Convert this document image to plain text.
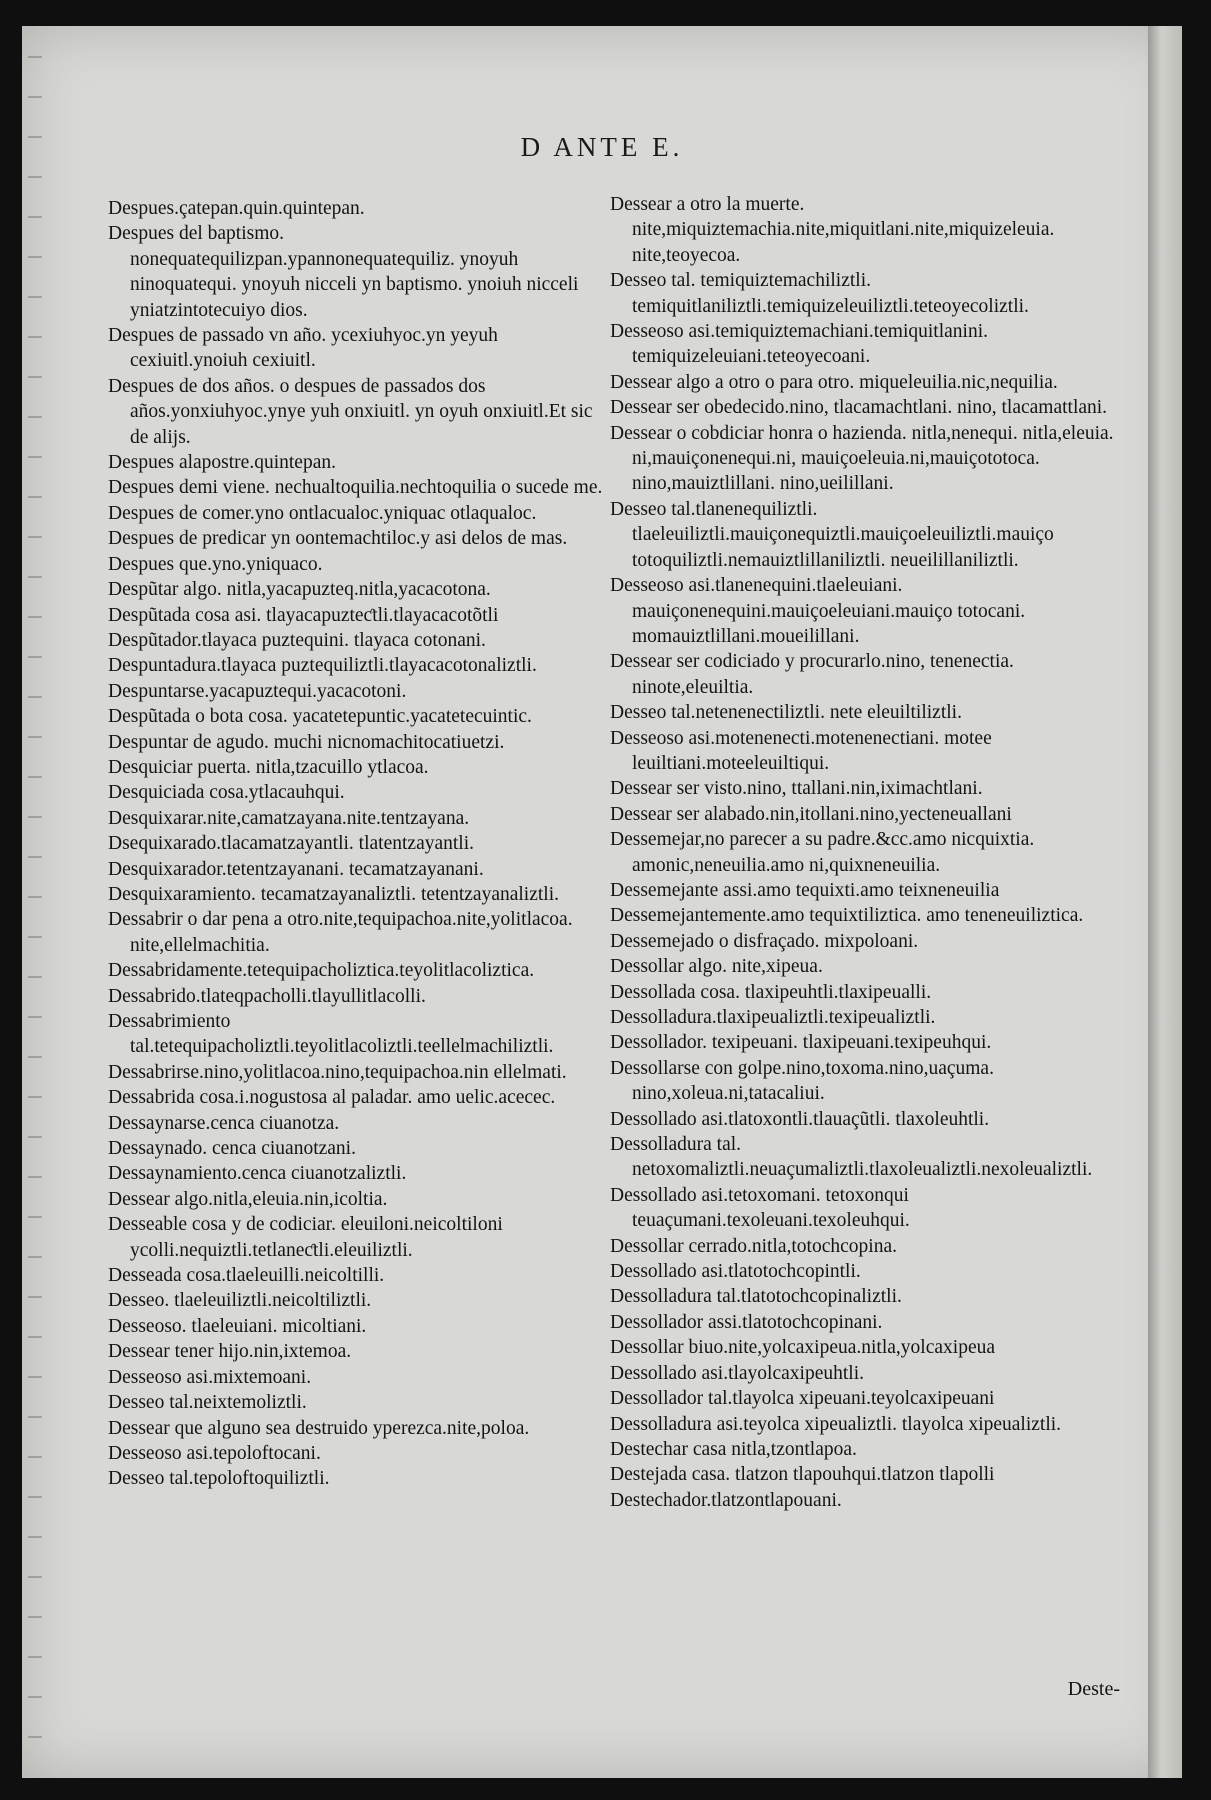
D ANTE E.

Despues.çatepan.quin.quintepan.

Despues del baptismo. nonequatequilizpan.ypannonequatequiliz. ynoyuh ninoquatequi. ynoyuh nicceli yn baptismo. ynoiuh nicceli yniatzintotecuiyo dios.

Despues de passado vn año. ycexiuhyoc.yn yeyuh cexiuitl.ynoiuh cexiuitl.

Despues de dos años. o despues de passados dos años.yonxiuhyoc.ynye yuh onxiuitl. yn oyuh onxiuitl.Et sic de alijs.

Despues alapostre.quintepan.

Despues demi viene. nechualtoquilia.nechtoquilia o sucede me.

Despues de comer.yno ontlacualoc.yniquac otlaqualoc.

Despues de predicar yn oontemachtiloc.y asi delos de mas.

Despues que.yno.yniquaco.

Despũtar algo. nitla,yacapuzteq.nitla,yacacotona.

Despũtada cosa asi. tlayacapuzteƈtli.tlayacacotõtli

Despũtador.tlayaca puztequini. tlayaca cotonani.

Despuntadura.tlayaca puztequiliztli.tlayacacotonaliztli.

Despuntarse.yacapuztequi.yacacotoni.

Despũtada o bota cosa. yacatetepuntic.yacatetecuintic.

Despuntar de agudo. muchi nicnomachitocatiuetzi.

Desquiciar puerta. nitla,tzacuillo ytlacoa.

Desquiciada cosa.ytlacauhqui.

Desquixarar.nite,camatzayana.nite.tentzayana.

Dsequixarado.tlacamatzayantli. tlatentzayantli.

Desquixarador.tetentzayanani. tecamatzayanani.

Desquixaramiento. tecamatzayanaliztli. tetentzayanaliztli.

Dessabrir o dar pena a otro.nite,tequipachoa.nite,yolitlacoa. nite,ellelmachitia.

Dessabridamente.tetequipacholiztica.teyolitlacoliztica.

Dessabrido.tlateqpacholli.tlayullitlacolli.

Dessabrimiento tal.tetequipacholiztli.teyolitlacoliztli.teellelmachiliztli.

Dessabrirse.nino,yolitlacoa.nino,tequipachoa.nin ellelmati.

Dessabrida cosa.i.nogustosa al paladar. amo uelic.acecec.

Dessaynarse.cenca ciuanotza.

Dessaynado. cenca ciuanotzani.

Dessaynamiento.cenca ciuanotzaliztli.

Dessear algo.nitla,eleuia.nin,icoltia.

Desseable cosa y de codiciar. eleuiloni.neicoltiloni ycolli.nequiztli.tetlaneƈtli.eleuiliztli.

Desseada cosa.tlaeleuilli.neicoltilli.

Desseo. tlaeleuiliztli.neicoltiliztli.

Desseoso. tlaeleuiani. micoltiani.

Dessear tener hijo.nin,ixtemoa.

Desseoso asi.mixtemoani.

Desseo tal.neixtemoliztli.

Dessear que alguno sea destruido yperezca.nite,poloa.

Desseoso asi.tepoloftocani.

Desseo tal.tepoloftoquiliztli.

Dessear a otro la muerte. nite,miquiztemachia.nite,miquitlani.nite,miquizeleuia. nite,teoyecoa.

Desseo tal. temiquiztemachiliztli. temiquitlaniliztli.temiquizeleuiliztli.teteoyecoliztli.

Desseoso asi.temiquiztemachiani.temiquitlanini. temiquizeleuiani.teteoyecoani.

Dessear algo a otro o para otro. miqueleuilia.nic,nequilia.

Dessear ser obedecido.nino, tlacamachtlani. nino, tlacamattlani.

Dessear o cobdiciar honra o hazienda. nitla,nenequi. nitla,eleuia. ni,mauiçonenequi.ni, mauiçoeleuia.ni,mauiçototoca. nino,mauiztlillani. nino,ueilillani.

Desseo tal.tlanenequiliztli. tlaeleuiliztli.mauiçonequiztli.mauiçoeleuiliztli.mauiço totoquiliztli.nemauiztlillaniliztli. neueilillaniliztli.

Desseoso asi.tlanenequini.tlaeleuiani. mauiçonenequini.mauiçoeleuiani.mauiço totocani. momauiztlillani.moueilillani.

Dessear ser codiciado y procurarlo.nino, tenenectia. ninote,eleuiltia.

Desseo tal.netenenectiliztli. nete eleuiltiliztli.

Desseoso asi.motenenecti.motenenectiani. motee leuiltiani.moteeleuiltiqui.

Dessear ser visto.nino, ttallani.nin,iximachtlani.

Dessear ser alabado.nin,itollani.nino,yecteneuallani

Dessemejar,no parecer a su padre.&cc.amo nicquixtia. amonic,neneuilia.amo ni,quixneneuilia.

Dessemejante assi.amo tequixti.amo teixneneuilia

Dessemejantemente.amo tequixtiliztica. amo teneneuiliztica.

Dessemejado o disfraçado. mixpoloani.

Dessollar algo. nite,xipeua.

Dessollada cosa. tlaxipeuhtli.tlaxipeualli.

Dessolladura.tlaxipeualiztli.texipeualiztli.

Dessollador. texipeuani. tlaxipeuani.texipeuhqui.

Dessollarse con golpe.nino,toxoma.nino,uaçuma. nino,xoleua.ni,tatacaliui.

Dessollado asi.tlatoxontli.tlauaçũtli. tlaxoleuhtli.

Dessolladura tal. netoxomaliztli.neuaçumaliztli.tlaxoleualiztli.nexoleualiztli.

Dessollado asi.tetoxomani. tetoxonqui teuaçumani.texoleuani.texoleuhqui.

Dessollar cerrado.nitla,totochcopina.

Dessollado asi.tlatotochcopintli.

Dessolladura tal.tlatotochcopinaliztli.

Dessollador assi.tlatotochcopinani.

Dessollar biuo.nite,yolcaxipeua.nitla,yolcaxipeua

Dessollado asi.tlayolcaxipeuhtli.

Dessollador tal.tlayolca xipeuani.teyolcaxipeuani

Dessolladura asi.teyolca xipeualiztli. tlayolca xipeualiztli.

Destechar casa nitla,tzontlapoa.

Destejada casa. tlatzon tlapouhqui.tlatzon tlapolli

Destechador.tlatzontlapouani.

Deste-
